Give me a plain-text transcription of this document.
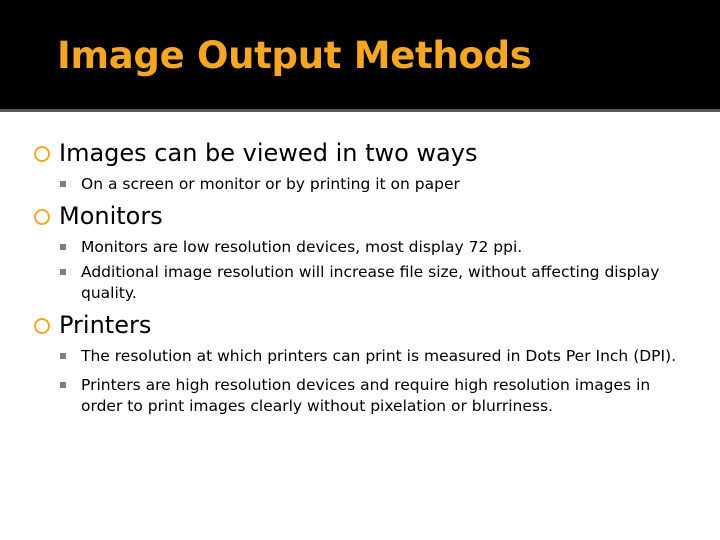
Image Output Methods
Images can be viewed in two ways
On a screen or monitor or by printing it on paper
Monitors
Monitors are low resolution devices, most display 72 ppi.
Additional image resolution will increase file size, without affecting display quality.
Printers
The resolution at which printers can print is measured in Dots Per Inch (DPI).
Printers are high resolution devices and require high resolution images in order to print images clearly without pixelation or blurriness.
